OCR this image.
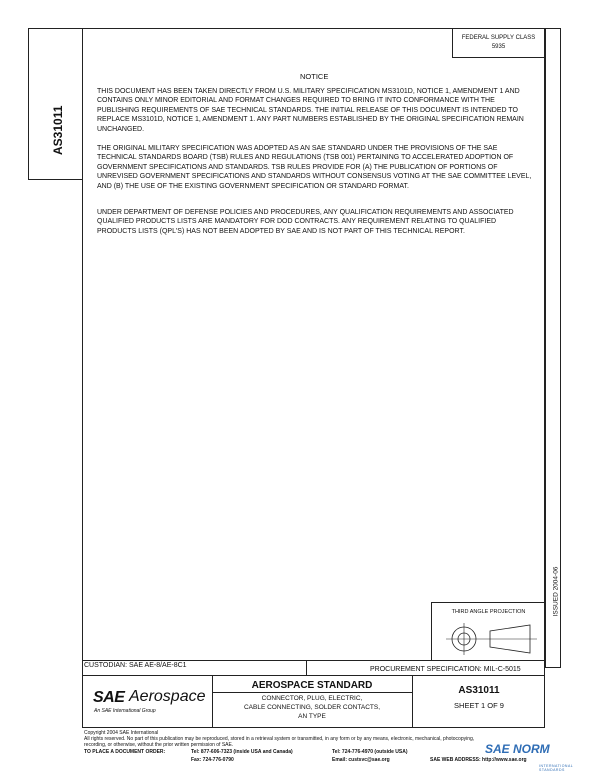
FEDERAL SUPPLY CLASS
5935
AS31011
NOTICE
THIS DOCUMENT HAS BEEN TAKEN DIRECTLY FROM U.S. MILITARY SPECIFICATION MS3101D, NOTICE 1, AMENDMENT 1 AND CONTAINS ONLY MINOR EDITORIAL AND FORMAT CHANGES REQUIRED TO BRING IT INTO CONFORMANCE WITH THE PUBLISHING REQUIREMENTS OF SAE TECHNICAL STANDARDS. THE INITIAL RELEASE OF THIS DOCUMENT IS INTENDED TO REPLACE MS3101D, NOTICE 1, AMENDMENT 1. ANY PART NUMBERS ESTABLISHED BY THE ORIGINAL SPECIFICATION REMAIN UNCHANGED.
THE ORIGINAL MILITARY SPECIFICATION WAS ADOPTED AS AN SAE STANDARD UNDER THE PROVISIONS OF THE SAE TECHNICAL STANDARDS BOARD (TSB) RULES AND REGULATIONS (TSB 001) PERTAINING TO ACCELERATED ADOPTION OF GOVERNMENT SPECIFICATIONS AND STANDARDS. TSB RULES PROVIDE FOR (A) THE PUBLICATION OF PORTIONS OF UNREVISED GOVERNMENT SPECIFICATIONS AND STANDARDS WITHOUT CONSENSUS VOTING AT THE SAE COMMITTEE LEVEL, AND (B) THE USE OF THE EXISTING GOVERNMENT SPECIFICATION OR STANDARD FORMAT.
UNDER DEPARTMENT OF DEFENSE POLICIES AND PROCEDURES, ANY QUALIFICATION REQUIREMENTS AND ASSOCIATED QUALIFIED PRODUCTS LISTS ARE MANDATORY FOR DOD CONTRACTS. ANY REQUIREMENT RELATING TO QUALIFIED PRODUCTS LISTS (QPL'S) HAS NOT BEEN ADOPTED BY SAE AND IS NOT PART OF THIS TECHNICAL REPORT.
ISSUED 2004-06
THIRD ANGLE PROJECTION
CUSTODIAN: SAE AE-8/AE-8C1
PROCUREMENT SPECIFICATION: MIL-C-5015
SAE Aerospace
An SAE International Group
AEROSPACE STANDARD
CONNECTOR, PLUG, ELECTRIC,
CABLE CONNECTING, SOLDER CONTACTS,
AN TYPE
AS31011
SHEET 1 OF 9
Copyright 2004 SAE International
All rights reserved. No part of this publication may be reproduced, stored in a retrieval system or transmitted, in any form or by any means, electronic, mechanical, photocopying,
recording, or otherwise, without the prior written permission of SAE.
TO PLACE A DOCUMENT ORDER:	Tel: 877-606-7323 (inside USA and Canada)
Fax: 724-776-0790
Tel: 724-776-4970 (outside USA)
Email: custsvc@sae.org	SAE WEB ADDRESS: http://www.sae.org
SAE NORM
INTERNATIONAL STANDARDS
